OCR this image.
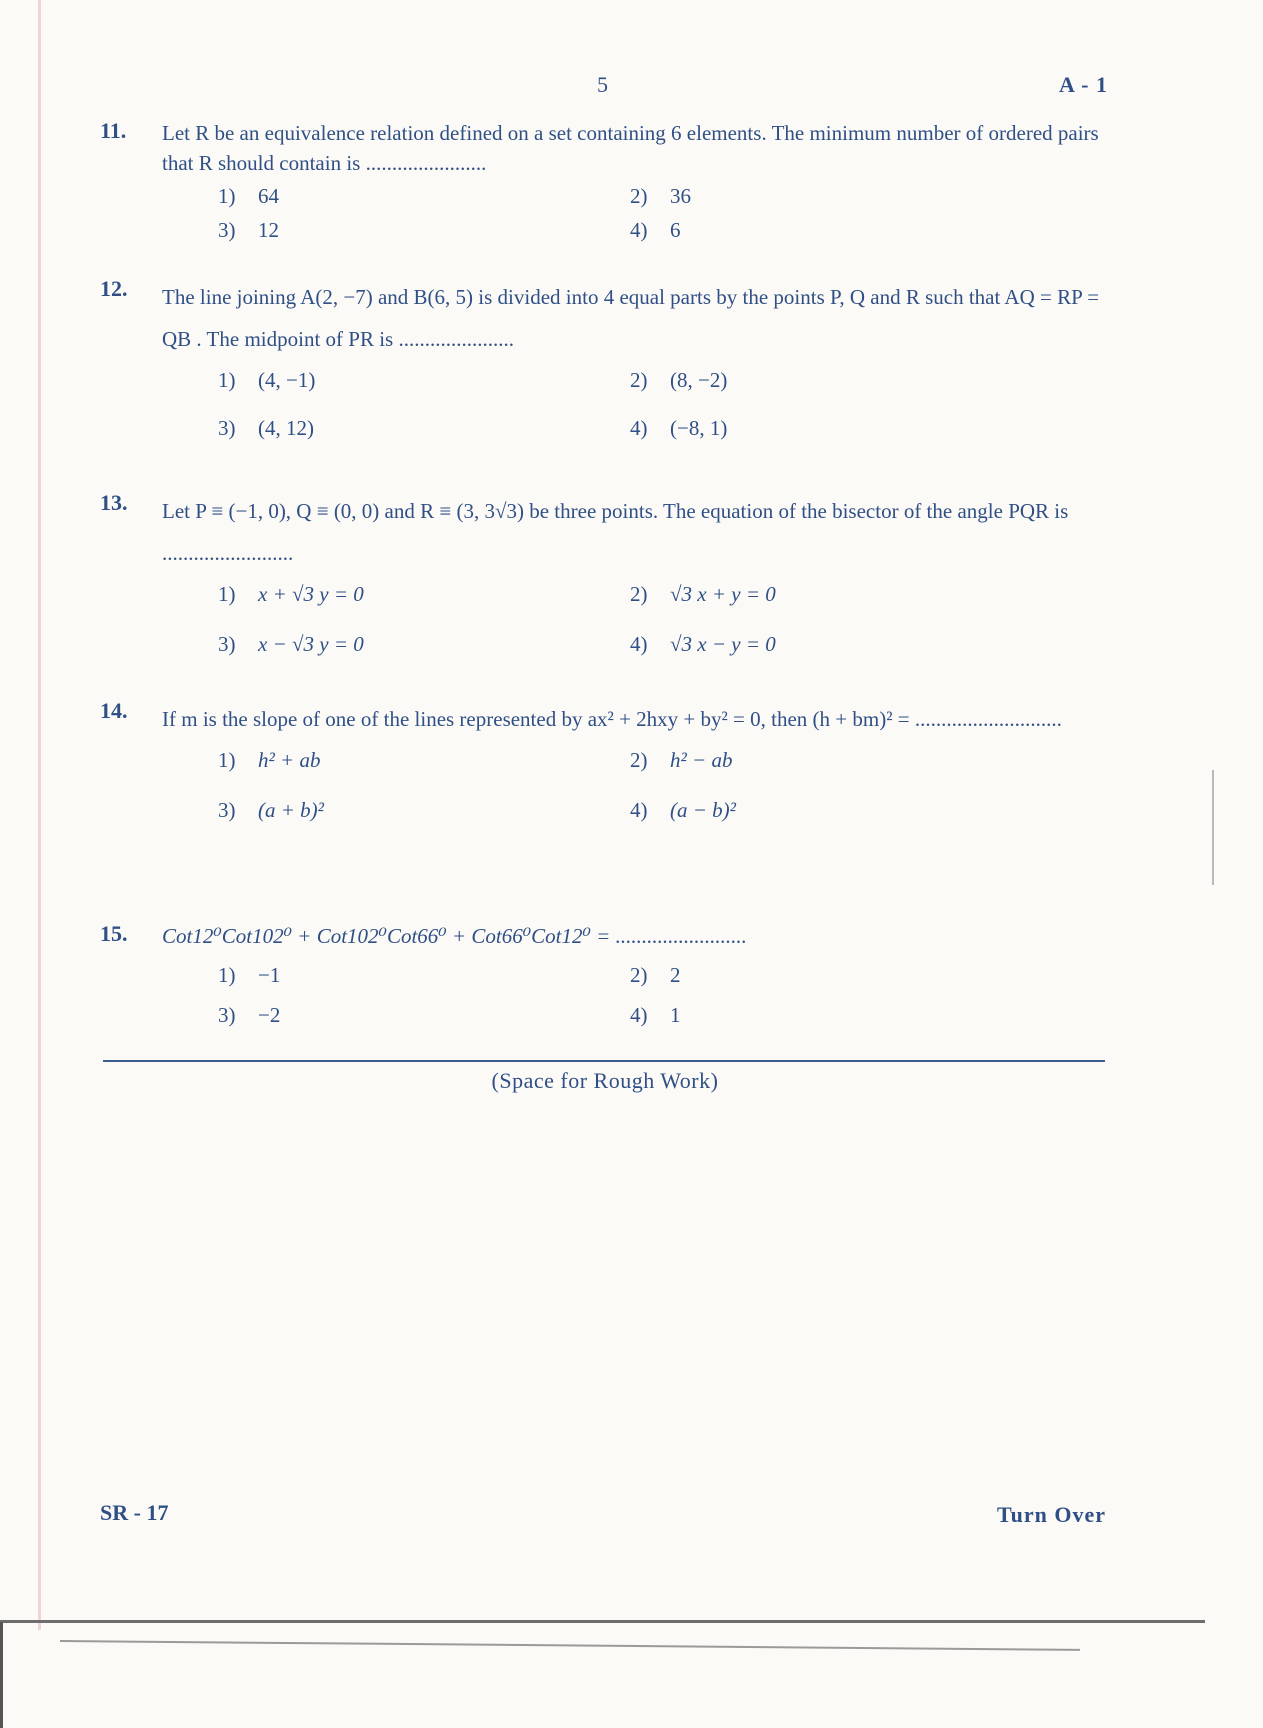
5	A - 1
11. Let R be an equivalence relation defined on a set containing 6 elements. The minimum number of ordered pairs that R should contain is .......................
1) 64	2) 36
3) 12	4) 6
12. The line joining A(2, −7) and B(6, 5) is divided into 4 equal parts by the points P, Q and R such that AQ = RP = QB . The midpoint of PR is ......................
1) (4, −1)	2) (8, −2)
3) (4, 12)	4) (−8, 1)
13. Let P ≡ (−1, 0), Q ≡ (0, 0) and R ≡ (3, 3√3) be three points. The equation of the bisector of the angle PQR is .........................
1) x + √3 y = 0	2) √3 x + y = 0
3) x − √3 y = 0	4) √3 x − y = 0
14. If m is the slope of one of the lines represented by ax² + 2hxy + by² = 0, then (h + bm)² = ............................
1) h² + ab	2) h² − ab
3) (a + b)²	4) (a − b)²
15. Cot12⁰Cot102⁰ + Cot102⁰Cot66⁰ + Cot66⁰Cot12⁰ = .........................
1) −1	2) 2
3) −2	4) 1
(Space for Rough Work)
SR - 17	Turn Over
